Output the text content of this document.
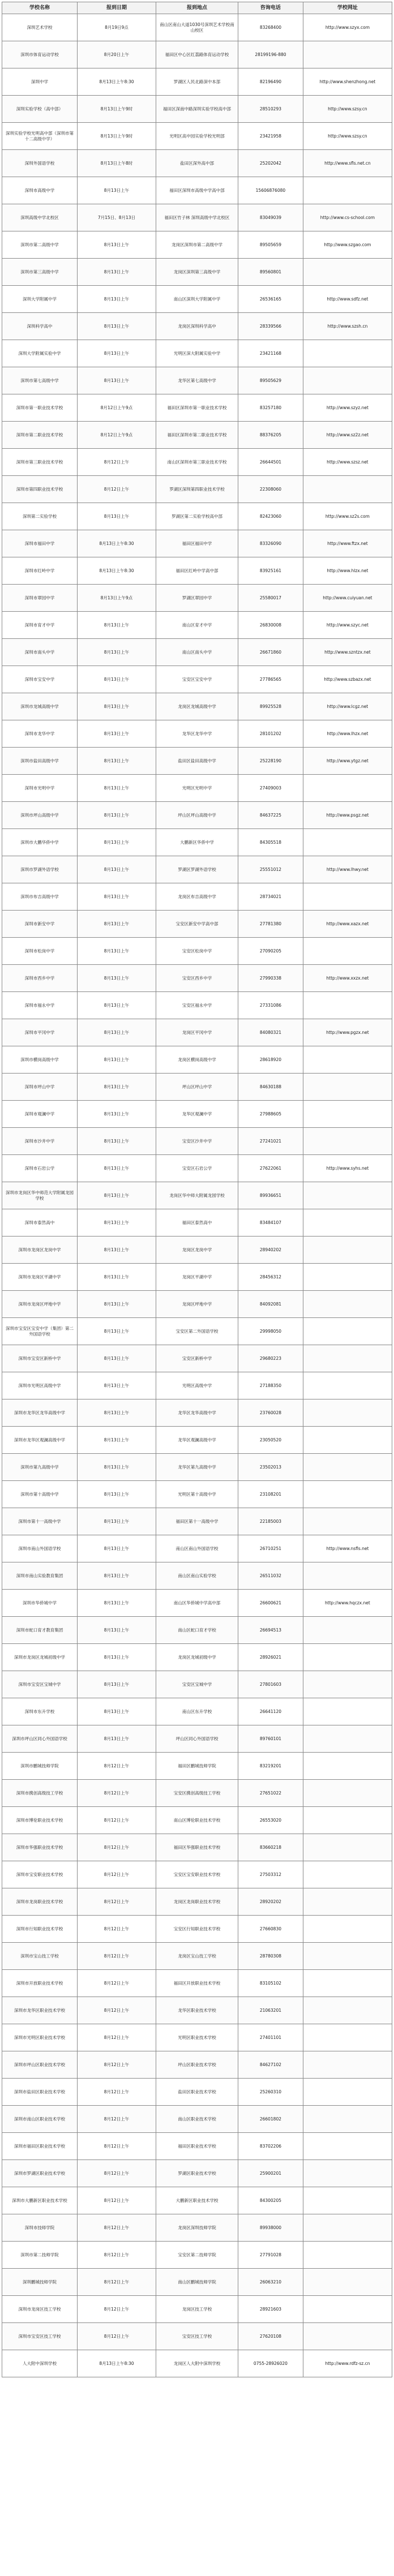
学校名称	报到日期	报到地点	咨询电话	学校网址
深圳艺术学校	8月19日9点	南山区南山大道1030号深圳艺术学校南山校区	83268400	http://www.szyx.com
深圳市体育运动学校	8月20日上午	福田区中心区红荔路体育运动学校	28199196-880	
深圳中学	8月13日上午8:30	罗湖区人民北路深中本部	82196490	http://www.shenzhong.net
深圳实验学校（高中部）	8月13日上午9时	福田区深南中路深圳实验学校高中部	28510293	http://www.szsy.cn
深圳实验学校光明高中部（深圳市第十二高级中学）	8月13日上午9时	光明区高中园实验学校光明部	23421958	http://www.szsy.cn
深圳外国语学校	8月13日上午8时	盐田区深外高中部	25202042	http://www.sfls.net.cn
深圳市高级中学	8月13日上午	福田区深圳市高级中学高中部	15606876080	
深圳高级中学北校区	7月15日、8月13日	福田区竹子林 深圳高级中学北校区	83049039	http://www.cs-school.com
深圳市第二高级中学	8月13日上午	龙岗区深圳市第二高级中学	89505659	http://www.szgao.com
深圳市第三高级中学	8月13日上午	龙岗区深圳第三高级中学	89560801	
深圳大学附属中学	8月13日上午	南山区深圳大学附属中学	26536165	http://www.sdfz.net
深圳科学高中	8月13日上午	龙岗区深圳科学高中	28339566	http://www.szsh.cn
深圳大学附属实验中学	8月13日上午	光明区深大附属实验中学	23421168	
深圳市第七高级中学	8月13日上午	龙华区第七高级中学	89505629	
深圳市第一职业技术学校	8月12日上午9点	福田区深圳市第一职业技术学校	83257180	http://www.szyz.net
深圳市第二职业技术学校	8月12日上午9点	福田区深圳市第二职业技术学校	88376205	http://www.sz2z.net
深圳市第三职业技术学校	8月12日上午	南山区深圳市第三职业技术学校	26644501	http://www.szsz.net
深圳市第四职业技术学校	8月12日上午	罗湖区深圳第四职业技术学校	22308060	
深圳第二实验学校	8月13日上午	罗湖区第二实验学校高中部	82423060	http://www.sz2s.com
深圳市福田中学	8月13日上午8:30	福田区福田中学	83326090	http://www.ftzx.net
深圳市红岭中学	8月13日上午8:30	福田区红岭中学高中部	83925161	http://www.hlzx.net
深圳市翠园中学	8月13日上午9点	罗湖区翠园中学	25580017	http://www.cuiyuan.net
深圳市育才中学	8月13日上午	南山区育才中学	26830008	http://www.szyc.net
深圳市南头中学	8月13日上午	南山区南头中学	26671860	http://www.szntzx.net
深圳市宝安中学	8月13日上午	宝安区宝安中学	27786565	http://www.szbazx.net
深圳市龙城高级中学	8月13日上午	龙岗区龙城高级中学	89925528	http://www.lcgz.net
深圳市龙华中学	8月13日上午	龙华区龙华中学	28101202	http://www.lhzx.net
深圳市盐田高级中学	8月13日上午	盐田区盐田高级中学	25228190	http://www.ytgz.net
深圳市光明中学	8月13日上午	光明区光明中学	27409003	
深圳市坪山高级中学	8月13日上午	坪山区坪山高级中学	84637225	http://www.psgz.net
深圳市大鹏华侨中学	8月13日上午	大鹏新区华侨中学	84305518	
深圳市罗湖外语学校	8月13日上午	罗湖区罗湖外语学校	25551012	http://www.lhwy.net
深圳市布吉高级中学	8月13日上午	龙岗区布吉高级中学	28734021	
深圳市新安中学	8月13日上午	宝安区新安中学高中部	27781380	http://www.xazx.net
深圳市松岗中学	8月13日上午	宝安区松岗中学	27090205	
深圳市西乡中学	8月13日上午	宝安区西乡中学	27990338	http://www.xxzx.net
深圳市福永中学	8月13日上午	宝安区福永中学	27331086	
深圳市平冈中学	8月13日上午	龙岗区平冈中学	84080321	http://www.pgzx.net
深圳市横岗高级中学	8月13日上午	龙岗区横岗高级中学	28618920	
深圳市坪山中学	8月13日上午	坪山区坪山中学	84630188	
深圳市观澜中学	8月13日上午	龙华区观澜中学	27988605	
深圳市沙井中学	8月13日上午	宝安区沙井中学	27241021	
深圳市石岩公学	8月13日上午	宝安区石岩公学	27622061	http://www.syhs.net
深圳市龙岗区华中师范大学附属龙园学校	8月13日上午	龙岗区华中师大附属龙园学校	89936651	
深圳市泰然高中	8月13日上午	福田区泰然高中	83484107	
深圳市龙岗区龙岗中学	8月13日上午	龙岗区龙岗中学	28940202	
深圳市龙岗区平湖中学	8月13日上午	龙岗区平湖中学	28456312	
深圳市龙岗区坪地中学	8月13日上午	龙岗区坪地中学	84092081	
深圳市宝安区宝安中学（集团）第二外国语学校	8月13日上午	宝安区第二外国语学校	29998050	
深圳市宝安区新桥中学	8月13日上午	宝安区新桥中学	29680223	
深圳市光明区高级中学	8月13日上午	光明区高级中学	27188350	
深圳市龙华区龙华高级中学	8月13日上午	龙华区龙华高级中学	23760028	
深圳市龙华区观澜高级中学	8月13日上午	龙华区观澜高级中学	23050520	
深圳市第九高级中学	8月13日上午	龙华区第九高级中学	23502013	
深圳市第十高级中学	8月13日上午	光明区第十高级中学	23108201	
深圳市第十一高级中学	8月13日上午	福田区第十一高级中学	22185003	
深圳市南山外国语学校	8月13日上午	南山区南山外国语学校	26710251	http://www.nsfls.net
深圳市南山实验教育集团	8月13日上午	南山区南山实验学校	26511032	
深圳市华侨城中学	8月13日上午	南山区华侨城中学高中部	26600621	http://www.hqczx.net
深圳市蛇口育才教育集团	8月13日上午	南山区蛇口育才学校	26694513	
深圳市龙岗区龙城初级中学	8月13日上午	龙岗区龙城初级中学	28926021	
深圳市宝安区宝城中学	8月13日上午	宝安区宝城中学	27801603	
深圳市东升学校	8月13日上午	南山区东升学校	26641120	
深圳市坪山区同心外国语学校	8月13日上午	坪山区同心外国语学校	89760101	
深圳市鹏城技师学院	8月12日上午	福田区鹏城技师学院	83219201	
深圳市携创高级技工学校	8月12日上午	宝安区携创高级技工学校	27651022	
深圳市博伦职业技术学校	8月12日上午	南山区博伦职业技术学校	26553020	
深圳市华强职业技术学校	8月12日上午	福田区华强职业技术学校	83660218	
深圳市宝安职业技术学校	8月12日上午	宝安区宝安职业技术学校	27503312	
深圳市龙岗职业技术学校	8月12日上午	龙岗区龙岗职业技术学校	28920202	
深圳市行知职业技术学校	8月12日上午	宝安区行知职业技术学校	27660830	
深圳市宝山技工学校	8月12日上午	龙岗区宝山技工学校	28780308	
深圳市开放职业技术学校	8月12日上午	福田区开放职业技术学校	83105102	
深圳市龙华区职业技术学校	8月12日上午	龙华区职业技术学校	21063201	
深圳市光明区职业技术学校	8月12日上午	光明区职业技术学校	27401101	
深圳市坪山区职业技术学校	8月12日上午	坪山区职业技术学校	84627102	
深圳市盐田区职业技术学校	8月12日上午	盐田区职业技术学校	25260310	
深圳市南山区职业技术学校	8月12日上午	南山区职业技术学校	26601802	
深圳市福田区职业技术学校	8月12日上午	福田区职业技术学校	83702206	
深圳市罗湖区职业技术学校	8月12日上午	罗湖区职业技术学校	25900201	
深圳市大鹏新区职业技术学校	8月12日上午	大鹏新区职业技术学校	84300205	
深圳市技师学院	8月12日上午	龙岗区深圳技师学院	89938000	
深圳市第二技师学院	8月12日上午	宝安区第二技师学院	27791028	
深圳鹏城技师学院	8月12日上午	南山区鹏城技师学院	26063210	
深圳市龙岗区技工学校	8月12日上午	龙岗区技工学校	28921603	
深圳市宝安区技工学校	8月12日上午	宝安区技工学校	27620108	
人大附中深圳学校	8月13日上午8:30	龙岗区人大附中深圳学校	0755-28926020	http://www.rdfz-sz.cn
